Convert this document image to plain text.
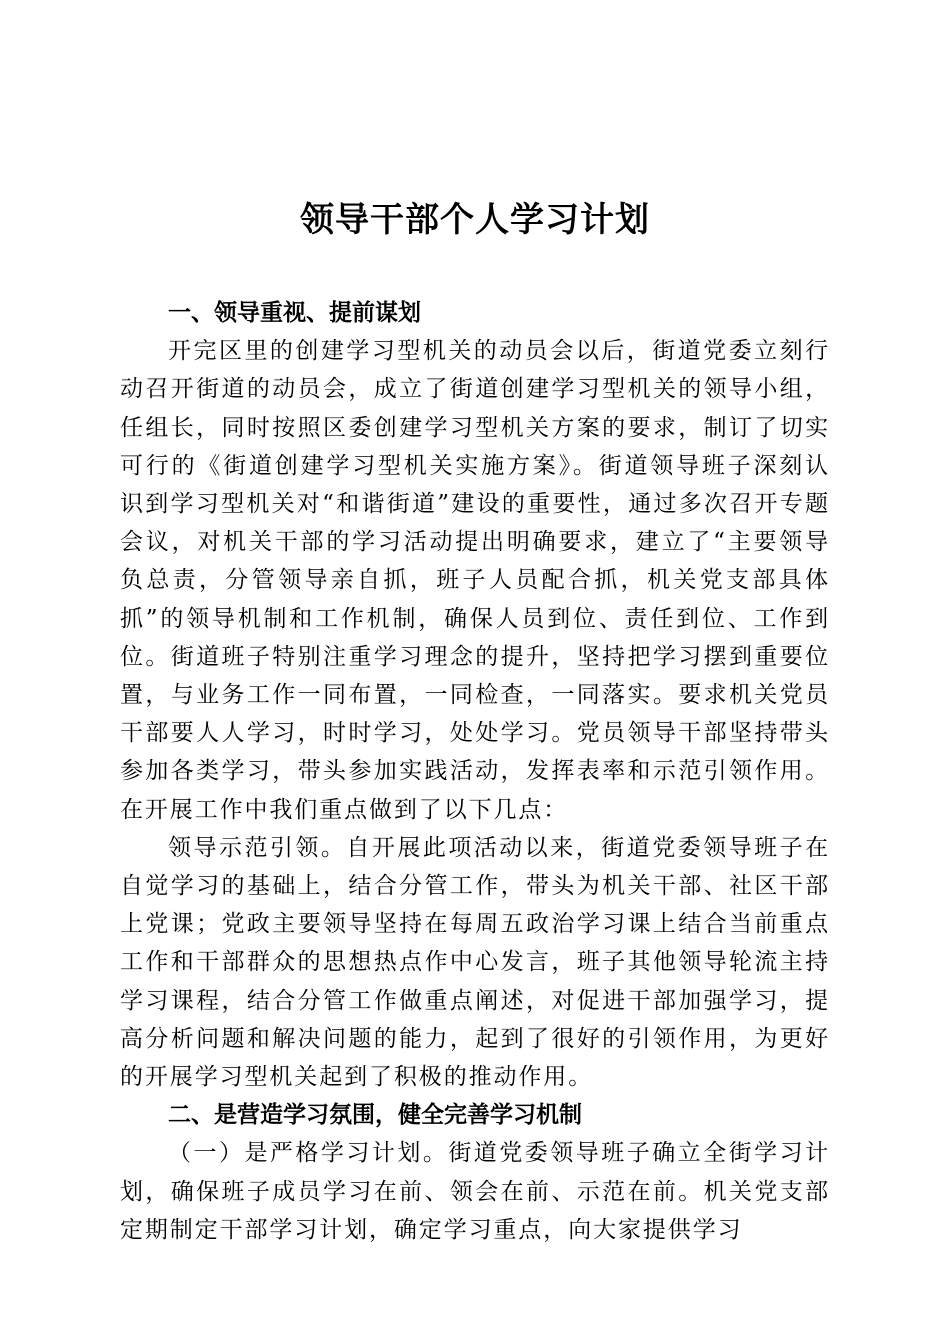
领导干部个人学习计划
一、领导重视、提前谋划

开完区里的创建学习型机关的动员会以后，街道党委立刻行动召开街道的动员会，成立了街道创建学习型机关的领导小组，任组长，同时按照区委创建学习型机关方案的要求，制订了切实可行的《街道创建学习型机关实施方案》。街道领导班子深刻认识到学习型机关对“和谐街道”建设的重要性，通过多次召开专题会议，对机关干部的学习活动提出明确要求，建立了“主要领导负总责，分管领导亲自抓，班子人员配合抓，机关党支部具体抓”的领导机制和工作机制，确保人员到位、责任到位、工作到位。街道班子特别注重学习理念的提升，坚持把学习摆到重要位置，与业务工作一同布置，一同检查，一同落实。要求机关党员干部要人人学习，时时学习，处处学习。党员领导干部坚持带头参加各类学习，带头参加实践活动，发挥表率和示范引领作用。在开展工作中我们重点做到了以下几点：

领导示范引领。自开展此项活动以来，街道党委领导班子在自觉学习的基础上，结合分管工作，带头为机关干部、社区干部上党课；党政主要领导坚持在每周五政治学习课上结合当前重点工作和干部群众的思想热点作中心发言，班子其他领导轮流主持学习课程，结合分管工作做重点阐述，对促进干部加强学习，提高分析问题和解决问题的能力，起到了很好的引领作用，为更好的开展学习型机关起到了积极的推动作用。

二、是营造学习氛围，健全完善学习机制

（一）是严格学习计划。街道党委领导班子确立全街学习计划，确保班子成员学习在前、领会在前、示范在前。机关党支部定期制定干部学习计划，确定学习重点，向大家提供学习
